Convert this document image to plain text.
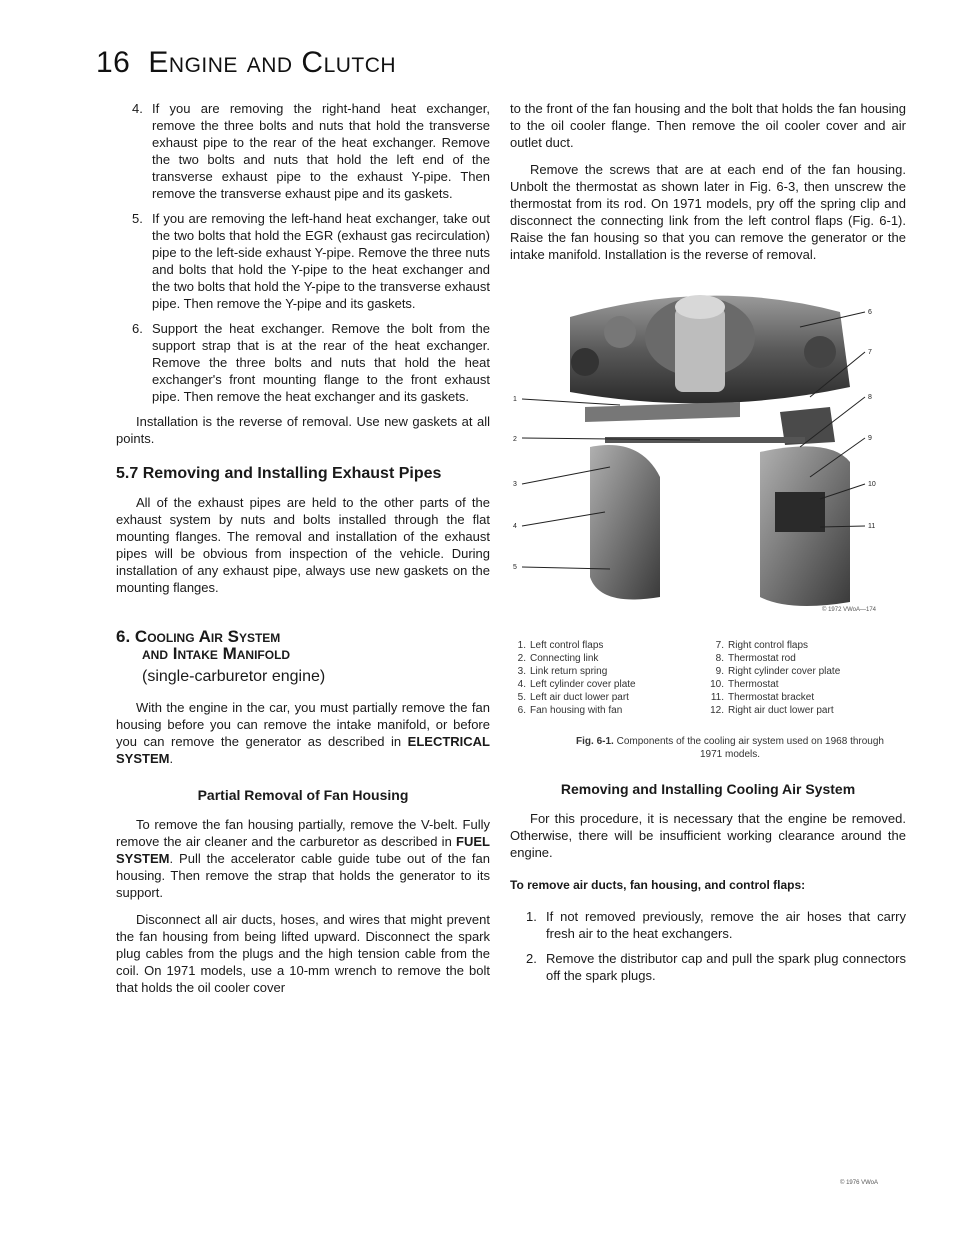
16 Engine and Clutch
4. If you are removing the right-hand heat exchanger, remove the three bolts and nuts that hold the transverse exhaust pipe to the rear of the heat exchanger. Remove the two bolts and nuts that hold the left end of the transverse exhaust pipe to the exhaust Y-pipe. Then remove the transverse exhaust pipe and its gaskets.
5. If you are removing the left-hand heat exchanger, take out the two bolts that hold the EGR (exhaust gas recirculation) pipe to the left-side exhaust Y-pipe. Remove the three nuts and bolts that hold the Y-pipe to the heat exchanger and the two bolts that hold the Y-pipe to the transverse exhaust pipe. Then remove the Y-pipe and its gaskets.
6. Support the heat exchanger. Remove the bolt from the support strap that is at the rear of the heat exchanger. Remove the three bolts and nuts that hold the heat exchanger's front mounting flange to the front exhaust pipe. Then remove the heat exchanger and its gaskets.

Installation is the reverse of removal. Use new gaskets at all points.

5.7 Removing and Installing Exhaust Pipes

All of the exhaust pipes are held to the other parts of the exhaust system by nuts and bolts installed through the flat mounting flanges. The removal and installation of the exhaust pipes will be obvious from inspection of the vehicle. During installation of any exhaust pipe, always use new gaskets on the mounting flanges.

6. Cooling Air System
and Intake Manifold
(single-carburetor engine)

With the engine in the car, you must partially remove the fan housing before you can remove the intake manifold, or before you can remove the generator as described in ELECTRICAL SYSTEM.

Partial Removal of Fan Housing

To remove the fan housing partially, remove the V-belt. Fully remove the air cleaner and the carburetor as described in FUEL SYSTEM. Pull the accelerator cable guide tube out of the fan housing. Then remove the strap that holds the generator to its support.

Disconnect all air ducts, hoses, and wires that might prevent the fan housing from being lifted upward. Disconnect the spark plug cables from the plugs and the high tension cable from the coil. On 1971 models, use a 10-mm wrench to remove the bolt that holds the oil cooler cover

to the front of the fan housing and the bolt that holds the fan housing to the oil cooler flange. Then remove the oil cooler cover and air outlet duct.

Remove the screws that are at each end of the fan housing. Unbolt the thermostat as shown later in Fig. 6-3, then unscrew the thermostat from its rod. On 1971 models, pry off the spring clip and disconnect the connecting link from the left control flaps (Fig. 6-1). Raise the fan housing so that you can remove the generator or the intake manifold. Installation is the reverse of removal.

1
2
3
4
5
6
7
8
9
10
11
© 1972 VWoA—174
1. Left control flaps
2. Connecting link
3. Link return spring
4. Left cylinder cover plate
5. Left air duct lower part
6. Fan housing with fan
7. Right control flaps
8. Thermostat rod
9. Right cylinder cover plate
10. Thermostat
11. Thermostat bracket
12. Right air duct lower part
Fig. 6-1. Components of the cooling air system used on 1968 through 1971 models.
Removing and Installing Cooling Air System

For this procedure, it is necessary that the engine be removed. Otherwise, there will be insufficient working clearance around the engine.

To remove air ducts, fan housing, and control flaps:
1. If not removed previously, remove the air hoses that carry fresh air to the heat exchangers.
2. Remove the distributor cap and pull the spark plug connectors off the spark plugs.
© 1976 VWoA
